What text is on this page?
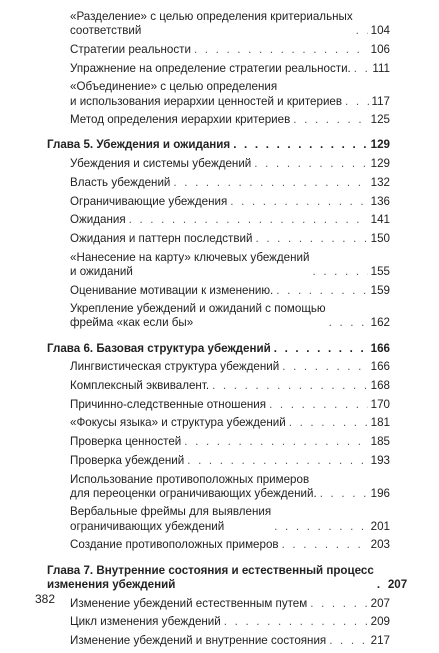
«Разделение» с целью определения критериальных
соответствий . . .	104
Стратегии реальности . . .	106
Упражнение на определение стратегии реальности. . . . 111
«Объединение» с целью определения
и использования иерархии ценностей и критериев . . .	117
Метод определения иерархии критериев . . .	125
Глава 5. Убеждения и ожидания . . .	129
Убеждения и системы убеждений . . .	129
Власть убеждений . . .	132
Ограничивающие убеждения . . .	136
Ожидания . . .	141
Ожидания и паттерн последствий . . .	150
«Нанесение на карту» ключевых убеждений
и ожиданий . . .	155
Оценивание мотивации к изменению. . . .	159
Укрепление убеждений и ожиданий с помощью
фрейма «как если бы» . . .	162
Глава 6. Базовая структура убеждений . . .	166
Лингвистическая структура убеждений . . .	166
Комплексный эквивалент. . . .	168
Причинно-следственные отношения . . .	170
«Фокусы языка» и структура убеждений . . .	181
Проверка ценностей . . .	185
Проверка убеждений . . .	193
Использование противоположных примеров
для переоценки ограничивающих убеждений. . . .	196
Вербальные фреймы для выявления
ограничивающих убеждений . . .	201
Создание противоположных примеров . . .	203
Глава 7. Внутренние состояния и естественный процесс
изменения убеждений . . .	207
Изменение убеждений естественным путем . . .	207
Цикл изменения убеждений . . .	209
Изменение убеждений и внутренние состояния . . .	217
382
